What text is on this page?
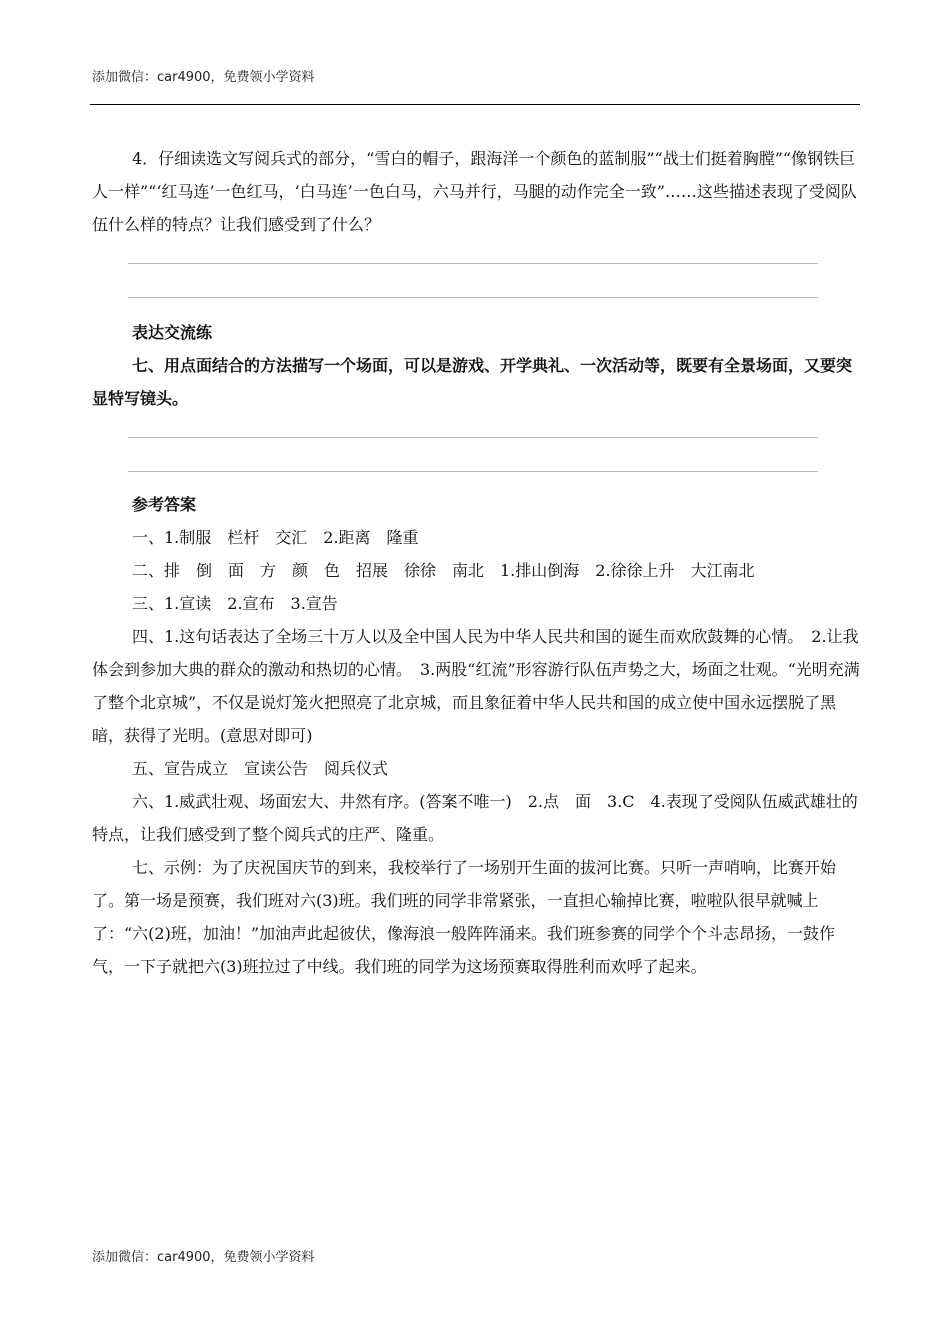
添加微信：car4900，免费领小学资料

4．仔细读选文写阅兵式的部分，“雪白的帽子，跟海洋一个颜色的蓝制服”“战士们挺着胸膛”“像钢铁巨人一样”“‘红马连’一色红马，‘白马连’一色白马，六马并行，马腿的动作完全一致”……这些描述表现了受阅队伍什么样的特点？让我们感受到了什么？

表达交流练

七、用点面结合的方法描写一个场面，可以是游戏、开学典礼、一次活动等，既要有全景场面，又要突显特写镜头。

参考答案

一、1.制服　栏杆　交汇　2.距离　隆重

二、排　倒　面　方　颜　色　招展　徐徐　南北　1.排山倒海　2.徐徐上升　大江南北

三、1.宣读　2.宣布　3.宣告

四、1.这句话表达了全场三十万人以及全中国人民为中华人民共和国的诞生而欢欣鼓舞的心情。　2.让我体会到参加大典的群众的激动和热切的心情。　3.两股“红流”形容游行队伍声势之大，场面之壮观。“光明充满了整个北京城”，不仅是说灯笼火把照亮了北京城，而且象征着中华人民共和国的成立使中国永远摆脱了黑暗，获得了光明。(意思对即可)

五、宣告成立　宣读公告　阅兵仪式

六、1.威武壮观、场面宏大、井然有序。(答案不唯一)　2.点　面　3.C　4.表现了受阅队伍威武雄壮的特点，让我们感受到了整个阅兵式的庄严、隆重。

七、示例：为了庆祝国庆节的到来，我校举行了一场别开生面的拔河比赛。只听一声哨响，比赛开始了。第一场是预赛，我们班对六(3)班。我们班的同学非常紧张，一直担心输掉比赛，啦啦队很早就喊上了：“六(2)班，加油！”加油声此起彼伏，像海浪一般阵阵涌来。我们班参赛的同学个个斗志昂扬，一鼓作气，一下子就把六(3)班拉过了中线。我们班的同学为这场预赛取得胜利而欢呼了起来。

添加微信：car4900，免费领小学资料
